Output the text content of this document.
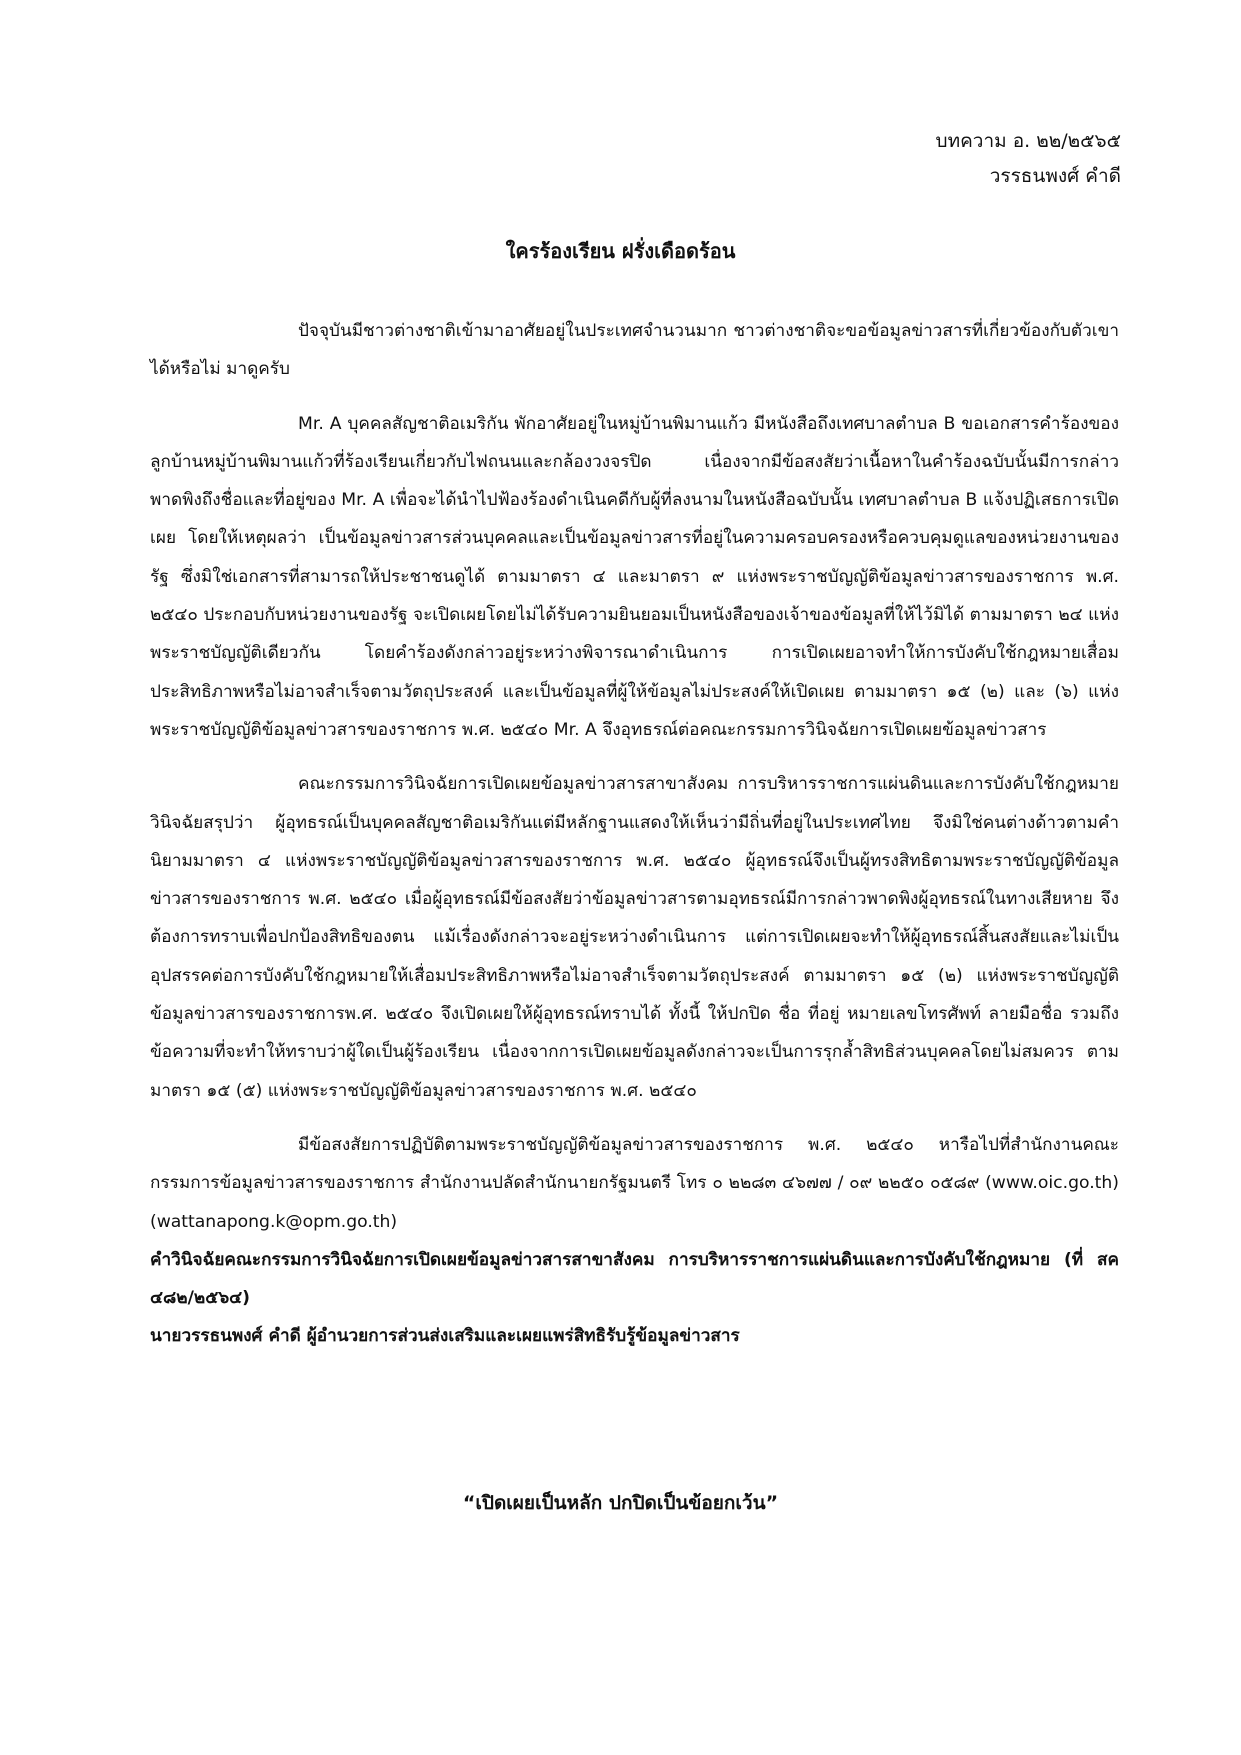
บทความ อ. ๒๒/๒๕๖๕
วรรธนพงศ์ คำดี
ใครร้องเรียน ฝรั่งเดือดร้อน

ปัจจุบันมีชาวต่างชาติเข้ามาอาศัยอยู่ในประเทศจำนวนมาก ชาวต่างชาติจะขอข้อมูลข่าวสารที่เกี่ยวข้องกับตัวเขาได้หรือไม่ มาดูครับ

Mr. A บุคคลสัญชาติอเมริกัน พักอาศัยอยู่ในหมู่บ้านพิมานแก้ว มีหนังสือถึงเทศบาลตำบล B ขอเอกสารคำร้องของลูกบ้านหมู่บ้านพิมานแก้วที่ร้องเรียนเกี่ยวกับไฟถนนและกล้องวงจรปิด เนื่องจากมีข้อสงสัยว่าเนื้อหาในคำร้องฉบับนั้นมีการกล่าวพาดพิงถึงชื่อและที่อยู่ของ Mr. A เพื่อจะได้นำไปฟ้องร้องดำเนินคดีกับผู้ที่ลงนามในหนังสือฉบับนั้น เทศบาลตำบล B แจ้งปฏิเสธการเปิดเผย โดยให้เหตุผลว่า เป็นข้อมูลข่าวสารส่วนบุคคลและเป็นข้อมูลข่าวสารที่อยู่ในความครอบครองหรือควบคุมดูแลของหน่วยงานของรัฐ ซึ่งมิใช่เอกสารที่สามารถให้ประชาชนดูได้ ตามมาตรา ๔ และมาตรา ๙ แห่งพระราชบัญญัติข้อมูลข่าวสารของราชการ พ.ศ. ๒๕๔๐ ประกอบกับหน่วยงานของรัฐ จะเปิดเผยโดยไม่ได้รับความยินยอมเป็นหนังสือของเจ้าของข้อมูลที่ให้ไว้มิได้ ตามมาตรา ๒๔ แห่งพระราชบัญญัติเดียวกัน โดยคำร้องดังกล่าวอยู่ระหว่างพิจารณาดำเนินการ การเปิดเผยอาจทำให้การบังคับใช้กฎหมายเสื่อมประสิทธิภาพหรือไม่อาจสำเร็จตามวัตถุประสงค์ และเป็นข้อมูลที่ผู้ให้ข้อมูลไม่ประสงค์ให้เปิดเผย ตามมาตรา ๑๕ (๒) และ (๖) แห่งพระราชบัญญัติข้อมูลข่าวสารของราชการ พ.ศ. ๒๕๔๐ Mr. A จึงอุทธรณ์ต่อคณะกรรมการวินิจฉัยการเปิดเผยข้อมูลข่าวสาร

คณะกรรมการวินิจฉัยการเปิดเผยข้อมูลข่าวสารสาขาสังคม การบริหารราชการแผ่นดินและการบังคับใช้กฎหมาย วินิจฉัยสรุปว่า ผู้อุทธรณ์เป็นบุคคลสัญชาติอเมริกันแต่มีหลักฐานแสดงให้เห็นว่ามีถิ่นที่อยู่ในประเทศไทย จึงมิใช่คนต่างด้าวตามคำนิยามมาตรา ๔ แห่งพระราชบัญญัติข้อมูลข่าวสารของราชการ พ.ศ. ๒๕๔๐ ผู้อุทธรณ์จึงเป็นผู้ทรงสิทธิตามพระราชบัญญัติข้อมูลข่าวสารของราชการ พ.ศ. ๒๕๔๐ เมื่อผู้อุทธรณ์มีข้อสงสัยว่าข้อมูลข่าวสารตามอุทธรณ์มีการกล่าวพาดพิงผู้อุทธรณ์ในทางเสียหาย จึงต้องการทราบเพื่อปกป้องสิทธิของตน แม้เรื่องดังกล่าวจะอยู่ระหว่างดำเนินการ แต่การเปิดเผยจะทำให้ผู้อุทธรณ์สิ้นสงสัยและไม่เป็นอุปสรรคต่อการบังคับใช้กฎหมายให้เสื่อมประสิทธิภาพหรือไม่อาจสำเร็จตามวัตถุประสงค์ ตามมาตรา ๑๕ (๒) แห่งพระราชบัญญัติข้อมูลข่าวสารของราชการพ.ศ. ๒๕๔๐ จึงเปิดเผยให้ผู้อุทธรณ์ทราบได้ ทั้งนี้ ให้ปกปิด ชื่อ ที่อยู่ หมายเลขโทรศัพท์ ลายมือชื่อ รวมถึงข้อความที่จะทำให้ทราบว่าผู้ใดเป็นผู้ร้องเรียน เนื่องจากการเปิดเผยข้อมูลดังกล่าวจะเป็นการรุกล้ำสิทธิส่วนบุคคลโดยไม่สมควร ตามมาตรา ๑๕ (๕) แห่งพระราชบัญญัติข้อมูลข่าวสารของราชการ พ.ศ. ๒๕๔๐

มีข้อสงสัยการปฏิบัติตามพระราชบัญญัติข้อมูลข่าวสารของราชการ พ.ศ. ๒๕๔๐ หารือไปที่สำนักงานคณะกรรมการข้อมูลข่าวสารของราชการ สำนักงานปลัดสำนักนายกรัฐมนตรี โทร ๐ ๒๒๘๓ ๔๖๗๗ / ๐๙ ๒๒๕๐ ๐๕๘๙ (www.oic.go.th) (wattanapong.k@opm.go.th)

คำวินิจฉัยคณะกรรมการวินิจฉัยการเปิดเผยข้อมูลข่าวสารสาขาสังคม การบริหารราชการแผ่นดินและการบังคับใช้กฎหมาย (ที่ สค ๔๘๒/๒๕๖๔)

นายวรรธนพงศ์ คำดี ผู้อำนวยการส่วนส่งเสริมและเผยแพร่สิทธิรับรู้ข้อมูลข่าวสาร

“เปิดเผยเป็นหลัก ปกปิดเป็นข้อยกเว้น”
